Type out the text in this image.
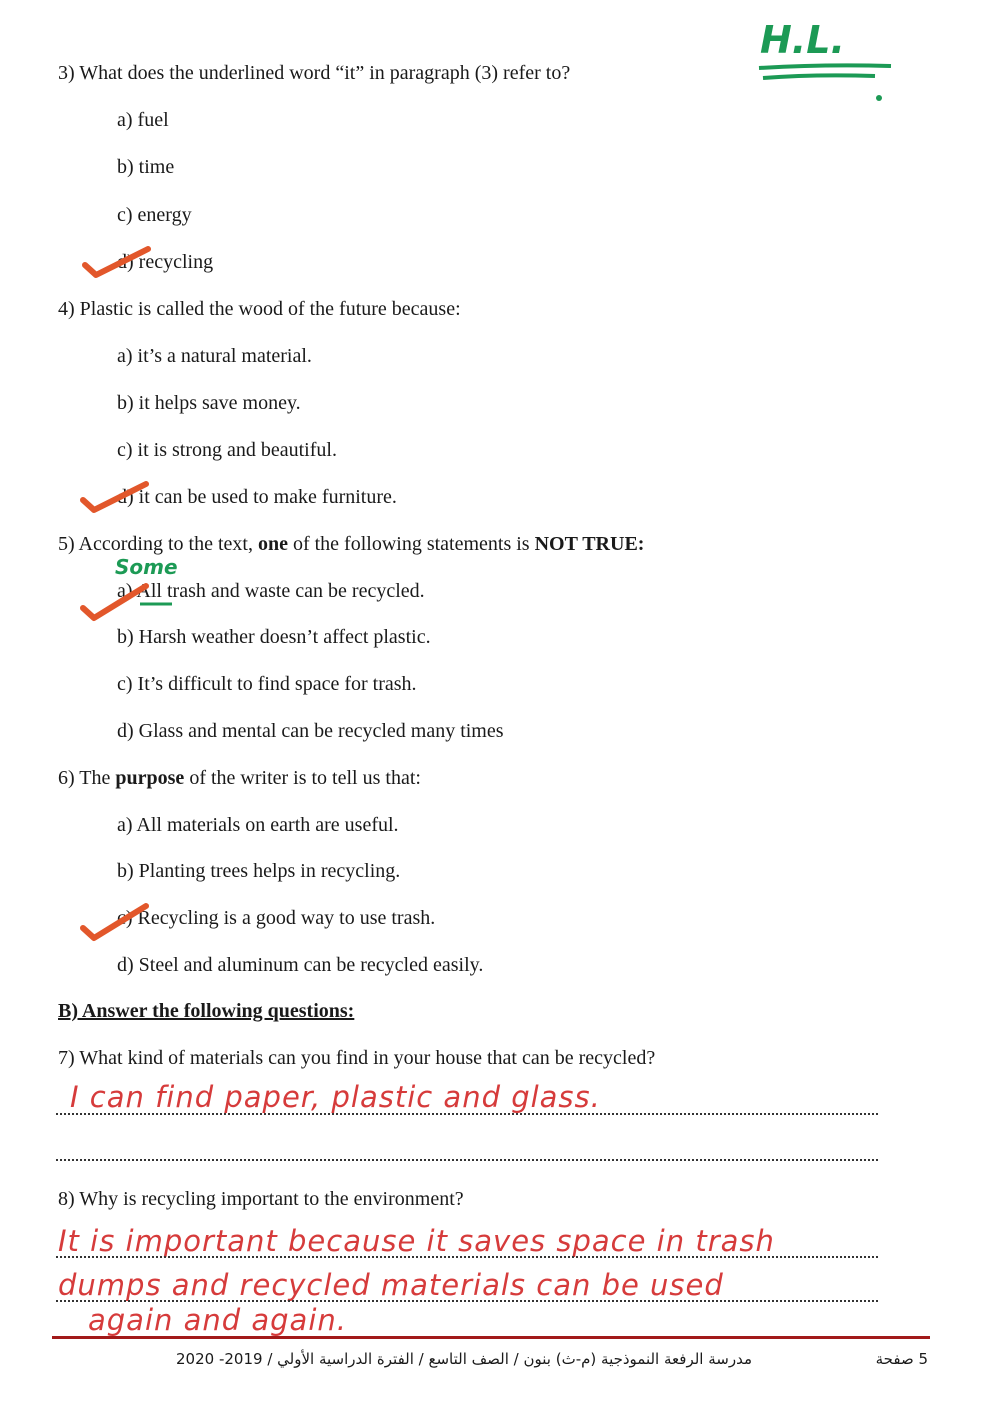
H.L.
3) What does the underlined word “it” in paragraph (3) refer to?
a) fuel
b) time
c) energy
d) recycling
4) Plastic is called the wood of the future because:
a) it’s a natural material.
b) it helps save money.
c) it is strong and beautiful.
d) it can be used to make furniture.
5) According to the text, one of the following statements is NOT TRUE:
Some
a) All trash and waste can be recycled.
b) Harsh weather doesn’t affect plastic.
c) It’s difficult to find space for trash.
d) Glass and mental can be recycled many times
6) The purpose of the writer is to tell us that:
a) All materials on earth are useful.
b) Planting trees helps in recycling.
c) Recycling is a good way to use trash.
d) Steel and aluminum can be recycled easily.
B) Answer the following questions:
7) What kind of materials can you find in your house that can be recycled?
I can find paper, plastic and glass.
8) Why is recycling important to the environment?
It is important because it saves space in trash
dumps and recycled materials can be used
again and again.
مدرسة الرفعة النموذجية (م-ث) بنون / الصف التاسع / الفترة الدراسية الأولي / 2019- 2020	5 صفحة
